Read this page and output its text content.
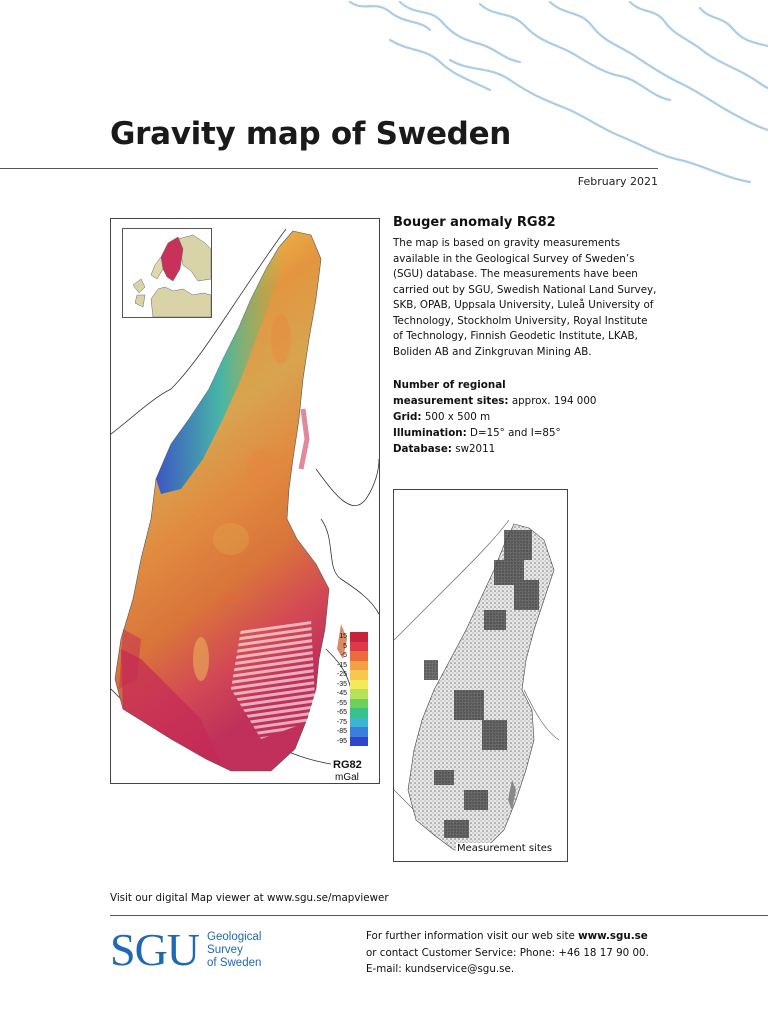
Gravity map of Sweden
February 2021
15
5
-5
-15
-25
-35
-45
-55
-65
-75
-85
-95
RG82
mGal
Bouger anomaly RG82
The map is based on gravity measurements
available in the Geological Survey of Sweden’s
(SGU) database. The measurements have been
carried out by SGU, Swedish National Land Survey,
SKB, OPAB, Uppsala University, Luleå University of
Technology, Stockholm University, Royal Institute
of Technology, Finnish Geodetic Institute, LKAB,
Boliden AB and Zinkgruvan Mining AB.
Number of regional
measurement sites: approx. 194 000
Grid: 500 x 500 m
Illumination: D=15° and I=85°
Database: sw2011
Measurement sites
Visit our digital Map viewer at www.sgu.se/mapviewer
SGU Geological
Survey
of Sweden
For further information visit our web site www.sgu.se
or contact Customer Service: Phone: +46 18 17 90 00.
E-mail: kundservice@sgu.se.
